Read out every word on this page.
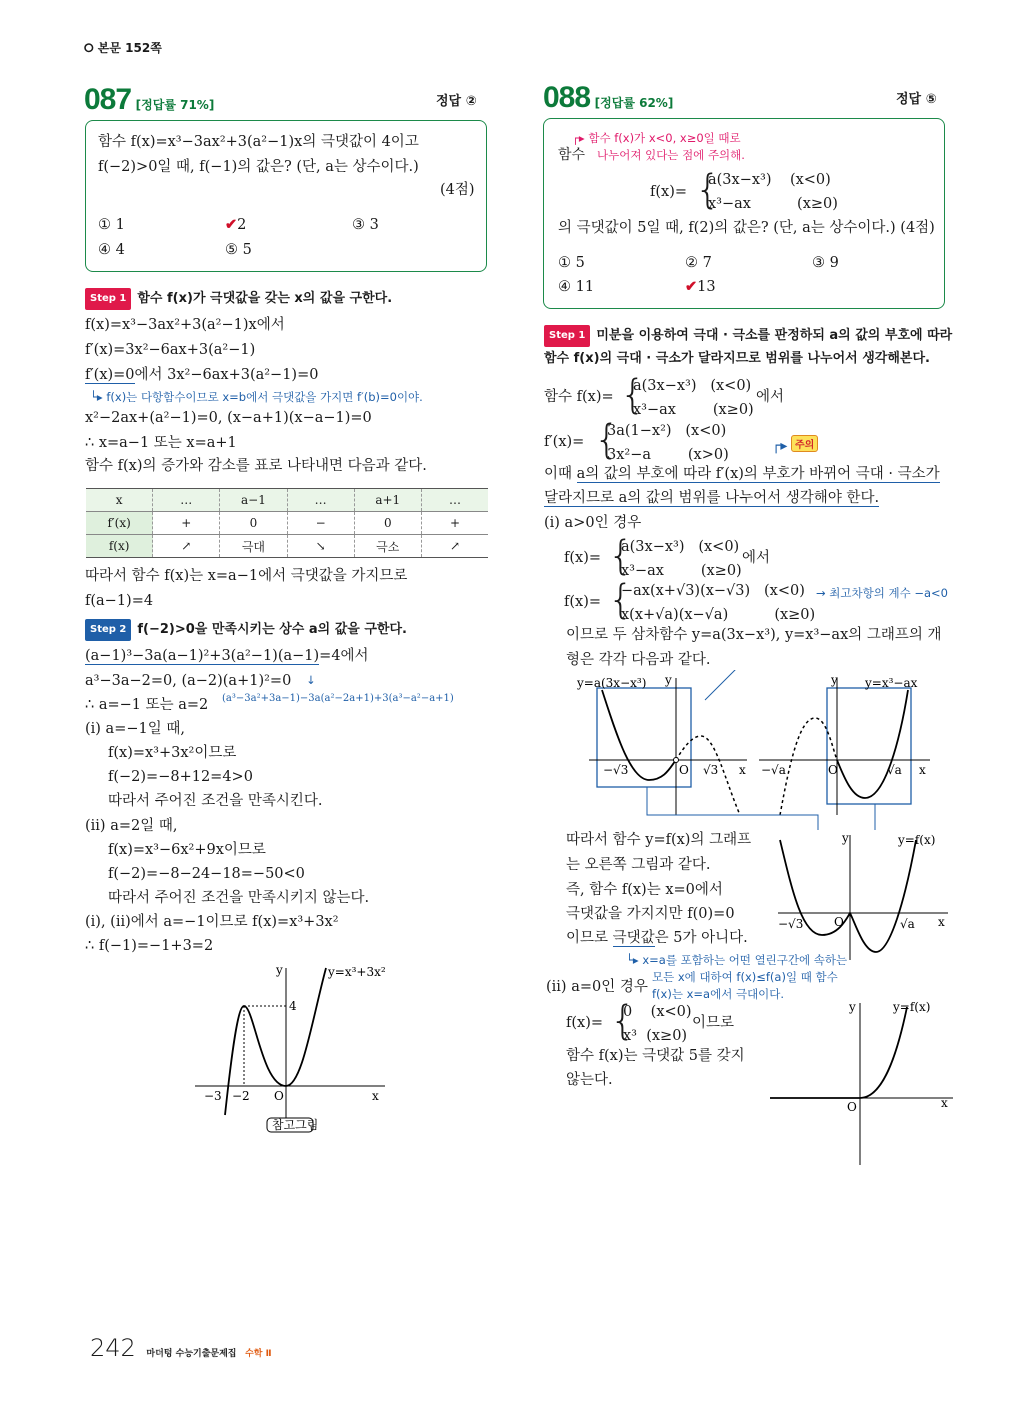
⭘ 본문 152쪽
087 [정답률 71%]	정답 ②
함수 f(x)=x³−3ax²+3(a²−1)x의 극댓값이 4이고
f(−2)>0일 때, f(−1)의 값은? (단, a는 상수이다.)
(4점)
① 1	✔2	③ 3
④ 4	⑤ 5
Step 1 함수 f(x)가 극댓값을 갖는 x의 값을 구한다.
f(x)=x³−3ax²+3(a²−1)x에서
f′(x)=3x²−6ax+3(a²−1)
f′(x)=0에서 3x²−6ax+3(a²−1)=0
└▸ f(x)는 다항함수이므로 x=b에서 극댓값을 가지면 f′(b)=0이야.
x²−2ax+(a²−1)=0, (x−a+1)(x−a−1)=0
∴ x=a−1 또는 x=a+1
함수 f(x)의 증가와 감소를 표로 나타내면 다음과 같다.
x	…	a−1	…	a+1	…
f′(x)	+	0	−	0	+
f(x)	↗	극대	↘	극소	↗
따라서 함수 f(x)는 x=a−1에서 극댓값을 가지므로
f(a−1)=4
Step 2 f(−2)>0을 만족시키는 상수 a의 값을 구한다.
(a−1)³−3a(a−1)²+3(a²−1)(a−1)=4에서
a³−3a−2=0, (a−2)(a+1)²=0 ↓
∴ a=−1 또는 a=2 (a³−3a²+3a−1)−3a(a²−2a+1)+3(a³−a²−a+1)
(i) a=−1일 때,
f(x)=x³+3x²이므로
f(−2)=−8+12=4>0
따라서 주어진 조건을 만족시킨다.
(ii) a=2일 때,
f(x)=x³−6x²+9x이므로
f(−2)=−8−24−18=−50<0
따라서 주어진 조건을 만족시키지 않는다.
(i), (ii)에서 a=−1이므로 f(x)=x³+3x²
∴ f(−1)=−1+3=2
y	y=x³+3x²
4
−3 −2 O	x
참고그림
088 [정답률 62%]	정답 ⑤
┌▸ 함수 f(x)가 x<0, x≥0일 때로
나누어져 있다는 점에 주의해.
함수
f(x)= {
a(3x−x³)    (x<0)
x³−ax          (x≥0)
의 극댓값이 5일 때, f(2)의 값은? (단, a는 상수이다.) (4점)
① 5	② 7	③ 9
④ 11	✔13
Step 1 미분을 이용하여 극대 · 극소를 판정하되 a의 값의 부호에 따라
함수 f(x)의 극대 · 극소가 달라지므로 범위를 나누어서 생각해본다.
함수 f(x)= {
a(3x−x³)   (x<0)
x³−ax        (x≥0)
에서
f′(x)= {
3a(1−x²)   (x<0)
3x²−a        (x>0)
┌▸ 주의
이때 a의 값의 부호에 따라 f′(x)의 부호가 바뀌어 극대 · 극소가
달라지므로 a의 값의 범위를 나누어서 생각해야 한다.
(i) a>0인 경우
f(x)= {
a(3x−x³)   (x<0)
x³−ax        (x≥0)
에서
f(x)= {
−ax(x+√3)(x−√3)   (x<0)
x(x+√a)(x−√a)          (x≥0)
→ 최고차항의 계수 −a<0
이므로 두 삼차함수 y=a(3x−x³), y=x³−ax의 그래프의 개
형은 각각 다음과 같다.
y=a(3x−x³) y
−√3	O √3 x
y=x³−ax
y
−√a	O	√a x
따라서 함수 y=f(x)의 그래프
는 오른쪽 그림과 같다.
즉, 함수 f(x)는 x=0에서
극댓값을 가지지만 f(0)=0
이므로 극댓값은 5가 아니다.
└▸ x=a를 포함하는 어떤 열린구간에 속하는
모든 x에 대하여 f(x)≤f(a)일 때 함수
f(x)는 x=a에서 극대이다.
y	y=f(x)
−√3	O	√a x
(ii) a=0인 경우
f(x)= {
0    (x<0)
x³  (x≥0)
이므로
함수 f(x)는 극댓값 5를 갖지
않는다.
y	y=f(x)
O	x
242 마더텅 수능기출문제집 수학 Ⅱ
